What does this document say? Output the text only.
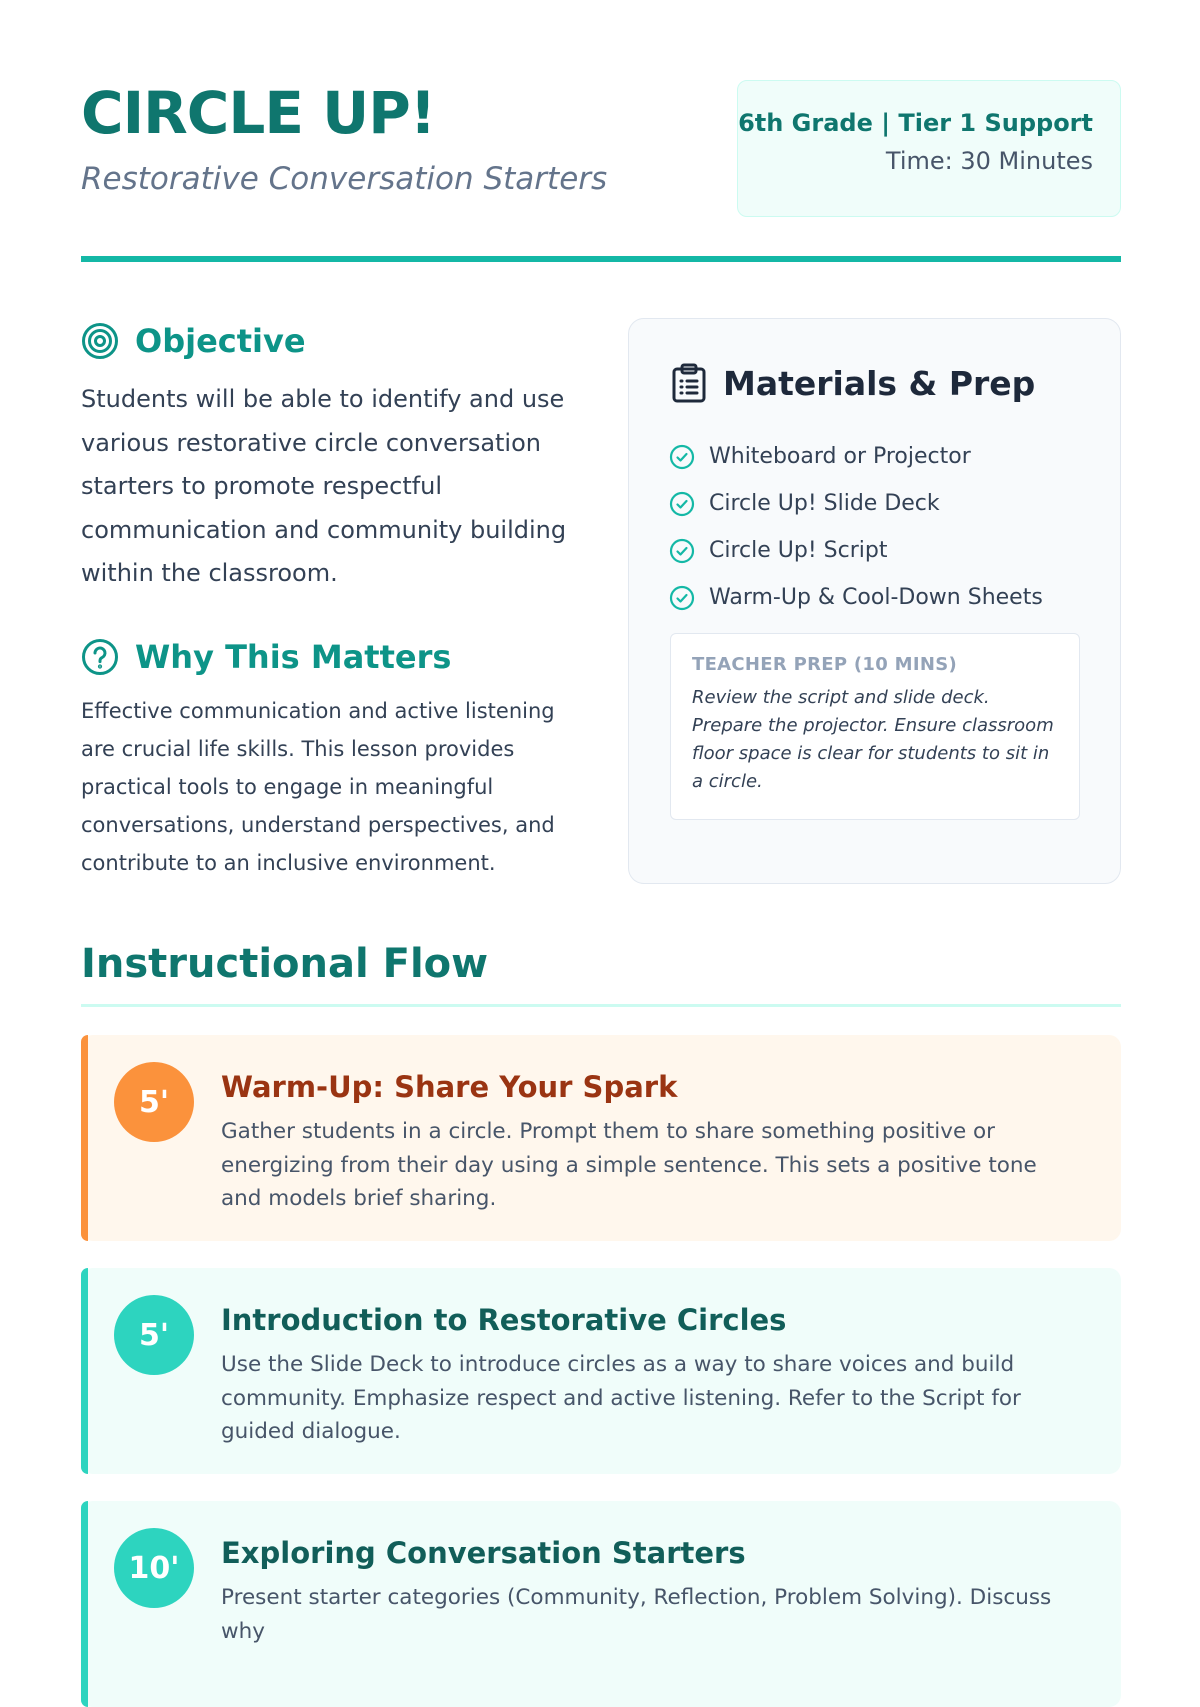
CIRCLE UP!
Restorative Conversation Starters
6th Grade | Tier 1 Support
Time: 30 Minutes
Objective
Students will be able to identify and use various restorative circle conversation starters to promote respectful communication and community building within the classroom.
Why This Matters
Effective communication and active listening are crucial life skills. This lesson provides practical tools to engage in meaningful conversations, understand perspectives, and contribute to an inclusive environment.
Materials & Prep
Whiteboard or Projector
Circle Up! Slide Deck
Circle Up! Script
Warm-Up & Cool-Down Sheets
TEACHER PREP (10 MINS)
Review the script and slide deck. Prepare the projector. Ensure classroom floor space is clear for students to sit in a circle.
Instructional Flow
5'	Warm-Up: Share Your Spark

Gather students in a circle. Prompt them to share something positive or energizing from their day using a simple sentence. This sets a positive tone and models brief sharing.

5'	Introduction to Restorative Circles

Use the Slide Deck to introduce circles as a way to share voices and build community. Emphasize respect and active listening. Refer to the Script for guided dialogue.

10'	Exploring Conversation Starters

Present starter categories (Community, Reflection, Problem Solving). Discuss why
